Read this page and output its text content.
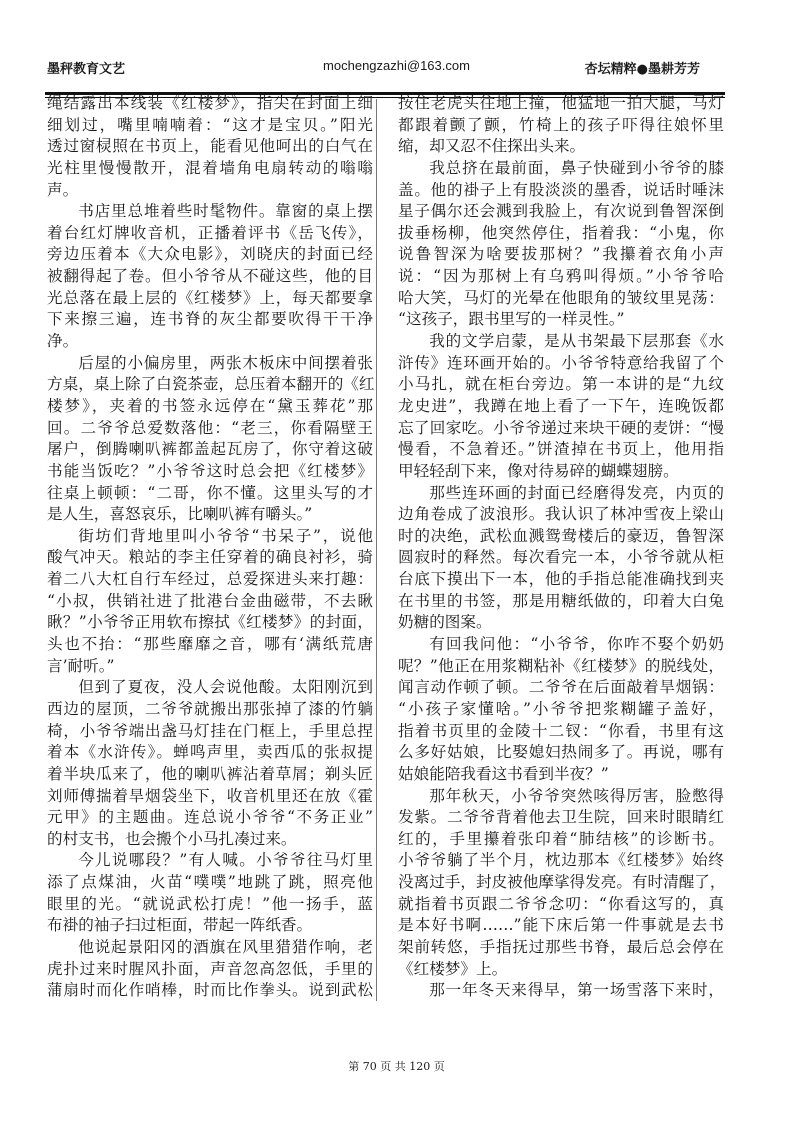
墨秤教育文艺	mochengzazhi@163.com	杏坛精粹●墨耕芳芳
绳结露出本线装《红楼梦》，指尖在封面上细
细划过，嘴里喃喃着：“这才是宝贝。”阳光
透过窗棂照在书页上，能看见他呵出的白气在
光柱里慢慢散开，混着墙角电扇转动的嗡嗡
声。
书店里总堆着些时髦物件。靠窗的桌上摆
着台红灯牌收音机，正播着评书《岳飞传》，
旁边压着本《大众电影》，刘晓庆的封面已经
被翻得起了卷。但小爷爷从不碰这些，他的目
光总落在最上层的《红楼梦》上，每天都要拿
下来擦三遍，连书脊的灰尘都要吹得干干净
净。
后屋的小偏房里，两张木板床中间摆着张
方桌，桌上除了白瓷茶壶，总压着本翻开的《红
楼梦》，夹着的书签永远停在“黛玉葬花”那
回。二爷爷总爱数落他：“老三，你看隔壁王
屠户，倒腾喇叭裤都盖起瓦房了，你守着这破
书能当饭吃？”小爷爷这时总会把《红楼梦》
往桌上顿顿：“二哥，你不懂。这里头写的才
是人生，喜怒哀乐，比喇叭裤有嚼头。”
街坊们背地里叫小爷爷“书呆子”，说他
酸气冲天。粮站的李主任穿着的确良衬衫，骑
着二八大杠自行车经过，总爱探进头来打趣：
“小叔，供销社进了批港台金曲磁带，不去瞅
瞅？”小爷爷正用软布擦拭《红楼梦》的封面，
头也不抬：“那些靡靡之音，哪有‘满纸荒唐
言’耐听。”
但到了夏夜，没人会说他酸。太阳刚沉到
西边的屋顶，二爷爷就搬出那张掉了漆的竹躺
椅，小爷爷端出盏马灯挂在门框上，手里总捏
着本《水浒传》。蝉鸣声里，卖西瓜的张叔提
着半块瓜来了，他的喇叭裤沾着草屑；剃头匠
刘师傅揣着旱烟袋坐下，收音机里还在放《霍
元甲》的主题曲。连总说小爷爷“不务正业”
的村支书，也会搬个小马扎凑过来。
今儿说哪段？”有人喊。小爷爷往马灯里
添了点煤油，火苗“噗噗”地跳了跳，照亮他
眼里的光。“就说武松打虎！”他一扬手，蓝
布褂的袖子扫过柜面，带起一阵纸香。
他说起景阳冈的酒旗在风里猎猎作响，老
虎扑过来时腥风扑面，声音忽高忽低，手里的
蒲扇时而化作哨棒，时而比作拳头。说到武松
按住老虎头往地上撞，他猛地一拍大腿，马灯
都跟着颤了颤，竹椅上的孩子吓得往娘怀里
缩，却又忍不住探出头来。
我总挤在最前面，鼻子快碰到小爷爷的膝
盖。他的褂子上有股淡淡的墨香，说话时唾沫
星子偶尔还会溅到我脸上，有次说到鲁智深倒
拔垂杨柳，他突然停住，指着我：“小鬼，你
说鲁智深为啥要拔那树？”我攥着衣角小声
说：“因为那树上有乌鸦叫得烦。”小爷爷哈
哈大笑，马灯的光晕在他眼角的皱纹里晃荡：
“这孩子，跟书里写的一样灵性。”
我的文学启蒙，是从书架最下层那套《水
浒传》连环画开始的。小爷爷特意给我留了个
小马扎，就在柜台旁边。第一本讲的是“九纹
龙史进”，我蹲在地上看了一下午，连晚饭都
忘了回家吃。小爷爷递过来块干硬的麦饼：“慢
慢看，不急着还。”饼渣掉在书页上，他用指
甲轻轻刮下来，像对待易碎的蝴蝶翅膀。
那些连环画的封面已经磨得发亮，内页的
边角卷成了波浪形。我认识了林冲雪夜上梁山
时的决绝，武松血溅鸳鸯楼后的豪迈，鲁智深
圆寂时的释然。每次看完一本，小爷爷就从柜
台底下摸出下一本，他的手指总能准确找到夹
在书里的书签，那是用糖纸做的，印着大白兔
奶糖的图案。
有回我问他：“小爷爷，你咋不娶个奶奶
呢？”他正在用浆糊粘补《红楼梦》的脱线处，
闻言动作顿了顿。二爷爷在后面敲着旱烟锅：
“小孩子家懂啥。”小爷爷把浆糊罐子盖好，
指着书页里的金陵十二钗：“你看，书里有这
么多好姑娘，比娶媳妇热闹多了。再说，哪有
姑娘能陪我看这书看到半夜？”
那年秋天，小爷爷突然咳得厉害，脸憋得
发紫。二爷爷背着他去卫生院，回来时眼睛红
红的，手里攥着张印着“肺结核”的诊断书。
小爷爷躺了半个月，枕边那本《红楼梦》始终
没离过手，封皮被他摩挲得发亮。有时清醒了，
就指着书页跟二爷爷念叨：“你看这写的，真
是本好书啊……”能下床后第一件事就是去书
架前转悠，手指抚过那些书脊，最后总会停在
《红楼梦》上。
那一年冬天来得早，第一场雪落下来时，
第 70 页 共 120 页
